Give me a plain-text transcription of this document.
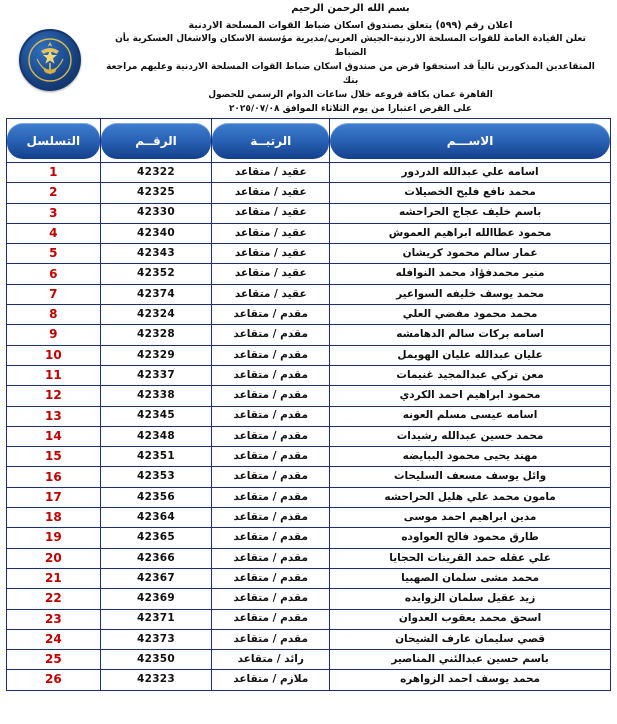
بسم الله الرحمن الرحيم

اعلان رقم (٥٩٩) يتعلق بصندوق اسكان ضباط القوات المسلحة الاردنية

تعلن القيادة العامة للقوات المسلحة الاردنية-الجيش العربي/مديرية مؤسسة الاسكان والاشغال العسكرية بأن الضباط

المتقاعدين المذكورين تالياً قد استحقوا قرض من صندوق اسكان ضباط القوات المسلحة الاردنية وعليهم مراجعة بنك

القاهرة عمان بكافة فروعه خلال ساعات الدوام الرسمي للحصول

على القرض اعتبارا من يوم الثلاثاء الموافق ٢٠٢٥/٠٧/٠٨

الاســـم	الرتبــة	الرقــم	التسلسل

اسامه علي عبدالله الدردور	عقيد / متقاعد	42322	1
محمد نافع فليح الخصيلات	عقيد / متقاعد	42325	2
باسم خليف عجاج الحراحشه	عقيد / متقاعد	42330	3
محمود عطاالله ابراهيم العموش	عقيد / متقاعد	42340	4
عمار سالم محمود كريشان	عقيد / متقاعد	42343	5
منير محمدفؤاد محمد النوافله	عقيد / متقاعد	42352	6
محمد يوسف خليفه السواعير	عقيد / متقاعد	42374	7
محمد محمود مفضي العلي	مقدم / متقاعد	42324	8
اسامه بركات سالم الدهامشه	مقدم / متقاعد	42328	9
عليان عبدالله عليان الهويمل	مقدم / متقاعد	42329	10
معن تركي عبدالمجيد غنيمات	مقدم / متقاعد	42337	11
محمود ابراهيم احمد الكردي	مقدم / متقاعد	42338	12
اسامه عيسى مسلم العونه	مقدم / متقاعد	42345	13
محمد حسين عبدالله رشيدات	مقدم / متقاعد	42348	14
مهند يحيى محمود الببايضه	مقدم / متقاعد	42351	15
وائل يوسف مسعف السليحات	مقدم / متقاعد	42353	16
مامون محمد علي هليل الحراحشه	مقدم / متقاعد	42356	17
مدين ابراهيم احمد موسى	مقدم / متقاعد	42364	18
طارق محمود فالح العواوده	مقدم / متقاعد	42365	19
علي عقله حمد القرينات الحجايا	مقدم / متقاعد	42366	20
محمد مشى سلمان الصهبيا	مقدم / متقاعد	42367	21
زيد عقيل سلمان الزوايده	مقدم / متقاعد	42369	22
اسحق محمد يعقوب العدوان	مقدم / متقاعد	42371	23
قصي سليمان عارف الشيحان	مقدم / متقاعد	42373	24
باسم حسين عبدالئني المناصير	رائد / متقاعد	42350	25
محمد يوسف احمد الزواهره	ملازم / متقاعد	42323	26
